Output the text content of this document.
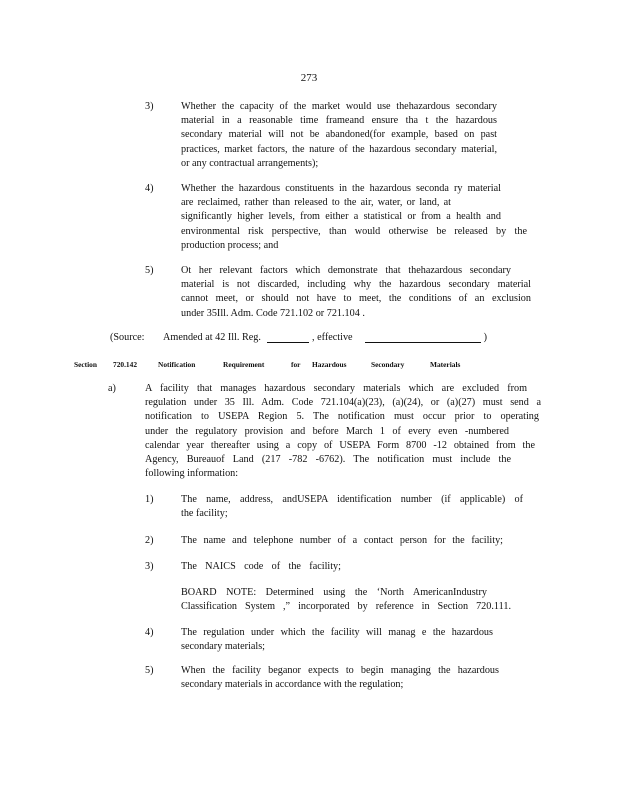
273
3)	Whether the capacity of the market would use thehazardous secondary
material in a reasonable time frameand ensure tha t the hazardous
secondary material will not be abandoned(for example, based on past
practices, market factors, the nature of the hazardous secondary material,
or any contractual arrangements);
4)	Whether the hazardous constituents in the hazardous seconda ry material
are reclaimed, rather than released to the air, water, or land, at
significantly higher levels, from either a statistical or from a health and
environmental risk perspective, than would otherwise be released by the
production process; and
5)	Ot her relevant factors which demonstrate that thehazardous secondary
material is not discarded, including why the hazardous secondary material
cannot meet, or should not have to meet, the conditions of an exclusion
under 35Ill. Adm. Code 721.102 or 721.104 .
(Source: Amended at 42 Ill. Reg.	, effective	)
Section 720.142	Notification	Requirement	for Hazardous	Secondary	Materials
a)	A facility that manages hazardous secondary materials which are excluded from
regulation under 35 Ill. Adm. Code 721.104(a)(23), (a)(24), or (a)(27) must send a
notification to USEPA Region 5. The notification must occur prior to operating
under the regulatory provision and before March 1 of every even -numbered
calendar year thereafter using a copy of USEPA Form 8700 -12 obtained from the
Agency, Bureauof Land (217 -782 -6762). The notification must include the
following information:
1)	The name, address, andUSEPA identification number (if applicable) of
the facility;
2)	The name and telephone number of a contact person for the facility;
3)	The NAICS code of the facility;
BOARD NOTE: Determined using the ‘North AmericanIndustry
Classification System ,” incorporated by reference in Section 720.111.
4)	The regulation under which the facility will manag e the hazardous
secondary materials;
5)	When the facility beganor expects to begin managing the hazardous
secondary materials in accordance with the regulation;
